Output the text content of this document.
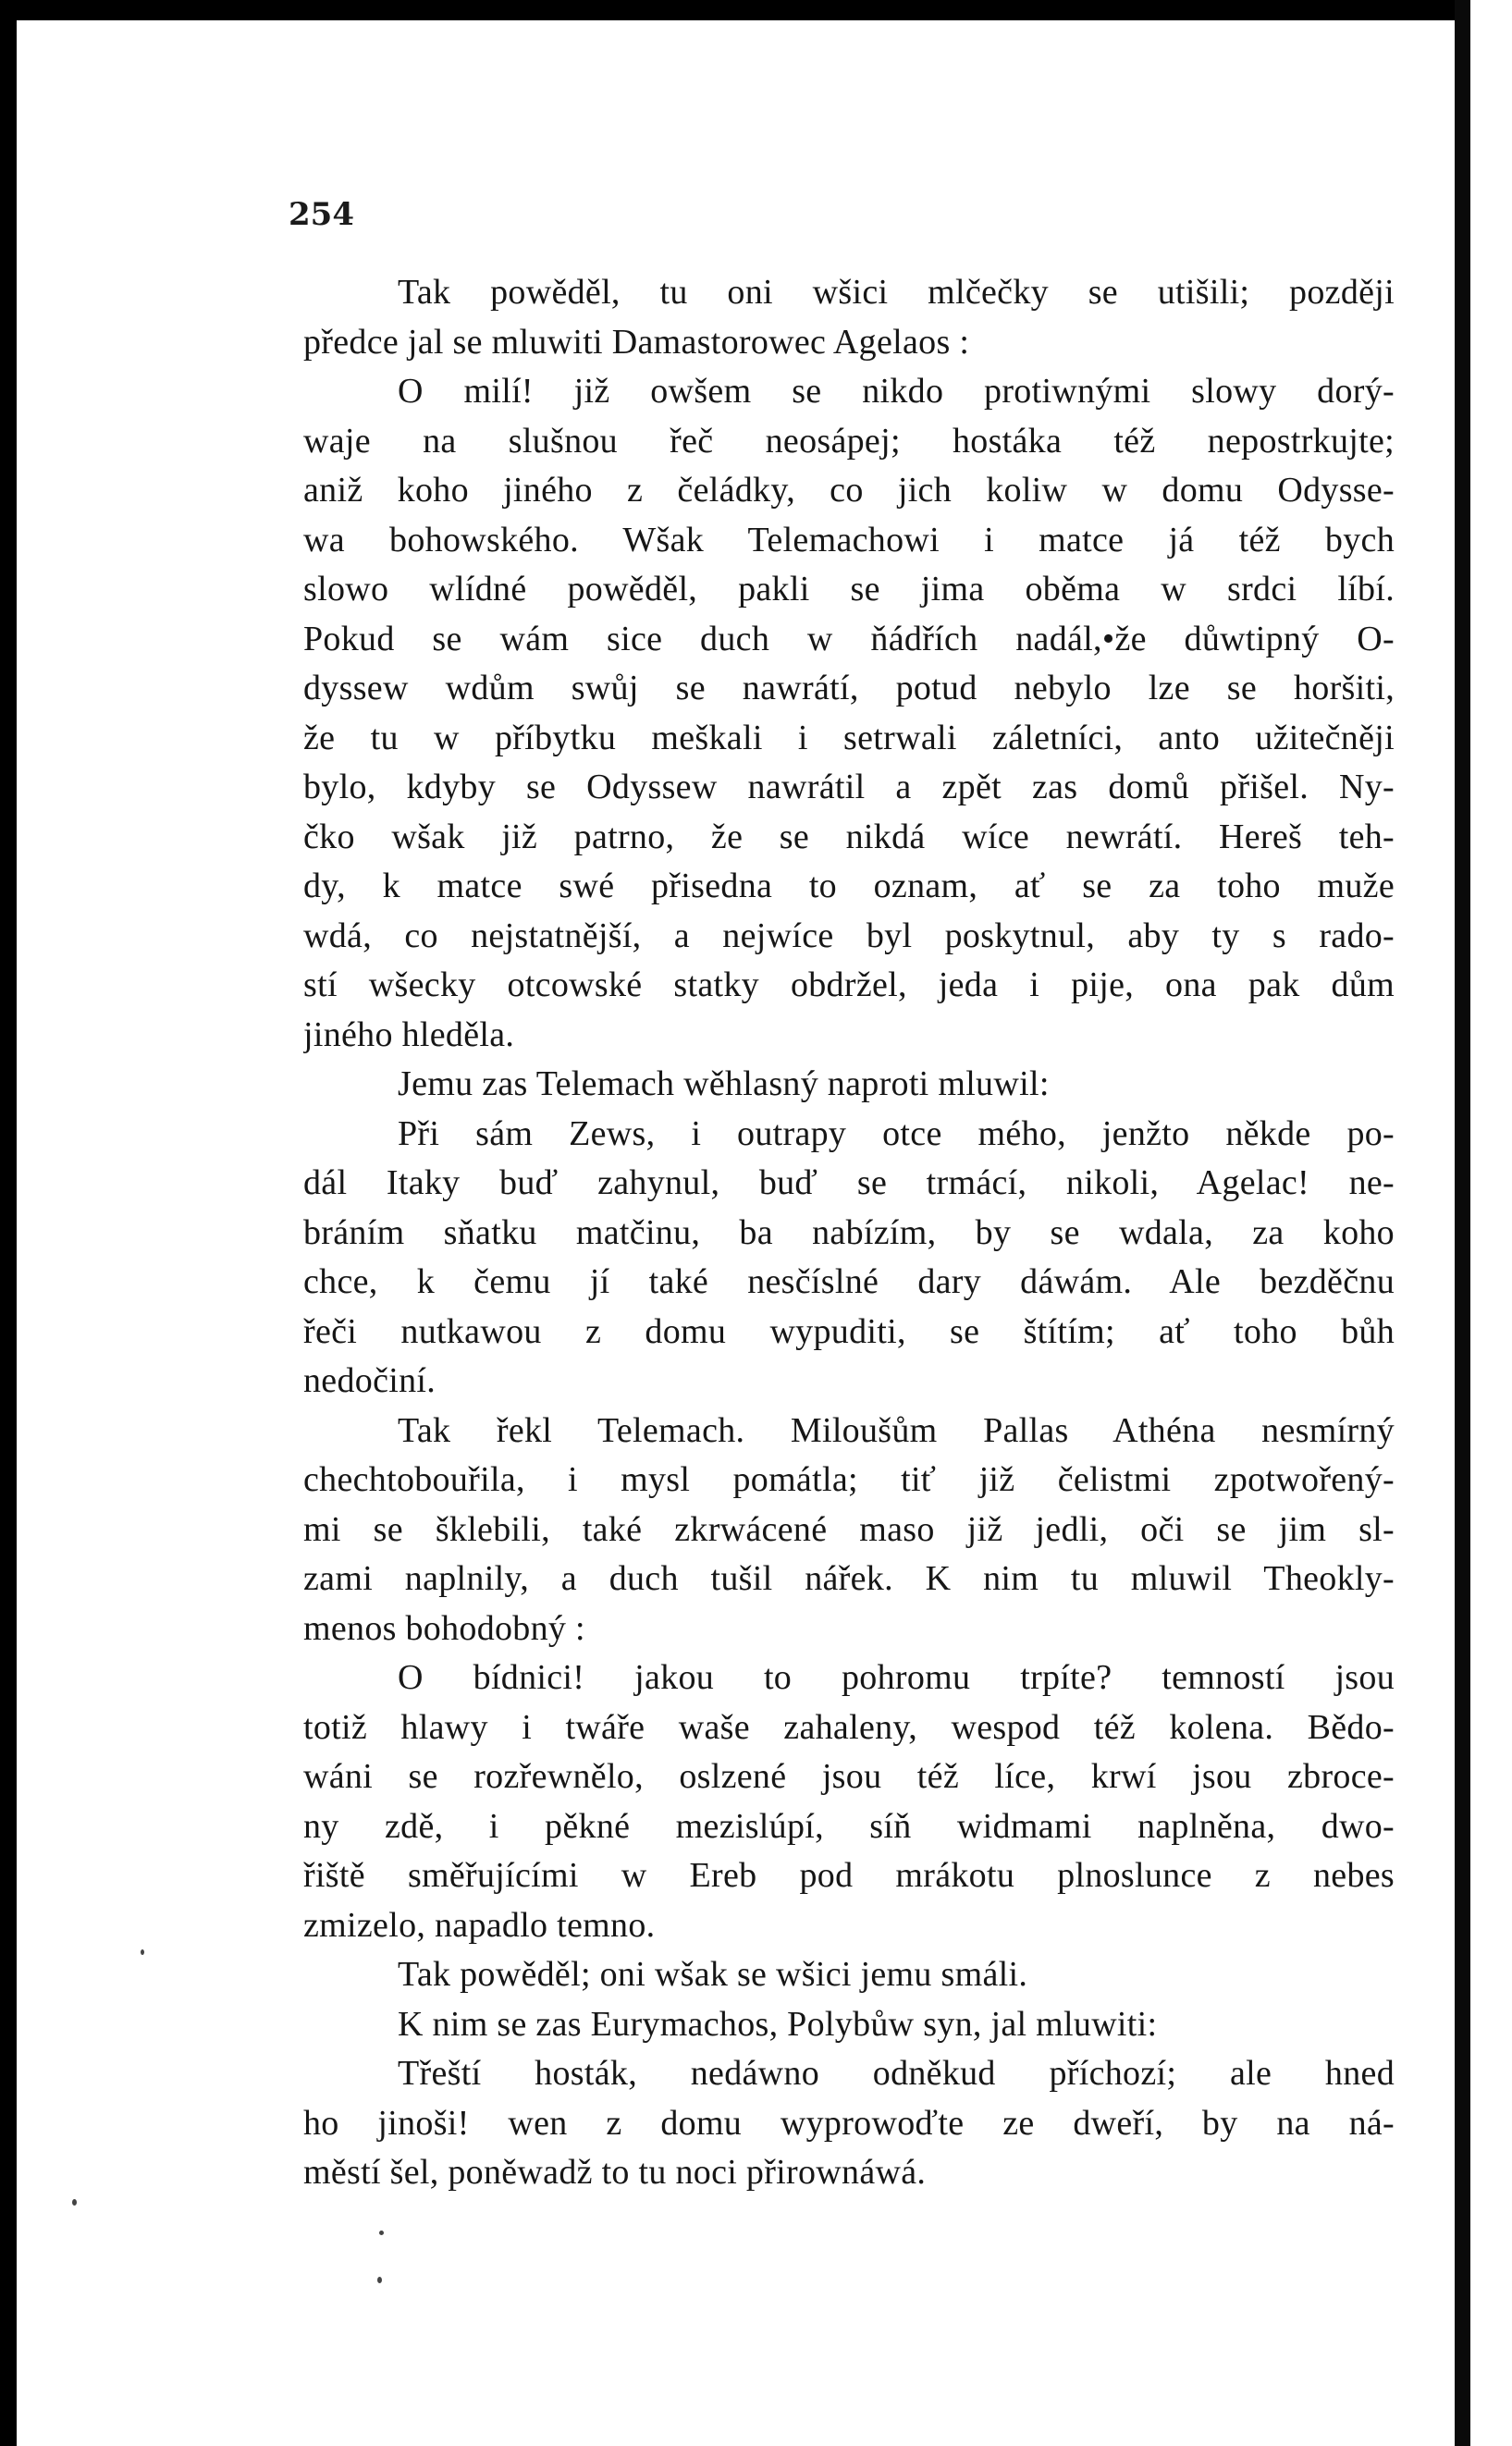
254
Tak powěděl, tu oni wšici mlčečky se utišili; později
předce jal se mluwiti Damastorowec Agelaos :
O milí! již owšem se nikdo protiwnými slowy dorý-
waje na slušnou řeč neosápej; hostáka též nepostrkujte;
aniž koho jiného z čeládky, co jich koliw w domu Odysse-
wa bohowského. Wšak Telemachowi i matce já též bych
slowo wlídné powěděl, pakli se jima oběma w srdci líbí.
Pokud se wám sice duch w ňádřích nadál,•že důwtipný O-
dyssew wdům swůj se nawrátí, potud nebylo lze se horšiti,
že tu w příbytku meškali i setrwali záletníci, anto užitečněji
bylo, kdyby se Odyssew nawrátil a zpět zas domů přišel. Ny-
čko wšak již patrno, že se nikdá wíce newrátí. Hereš teh-
dy, k matce swé přisedna to oznam, ať se za toho muže
wdá, co nejstatnější, a nejwíce byl poskytnul, aby ty s rado-
stí wšecky otcowské statky obdržel, jeda i pije, ona pak dům
jiného hleděla.
Jemu zas Telemach wěhlasný naproti mluwil:
Při sám Zews, i outrapy otce mého, jenžto někde po-
dál Itaky buď zahynul, buď se trmácí, nikoli, Agelac! ne-
bráním sňatku matčinu, ba nabízím, by se wdala, za koho
chce, k čemu jí také nesčíslné dary dáwám. Ale bezděčnu
řeči nutkawou z domu wypuditi, se štítím; ať toho bůh
nedočiní.
Tak řekl Telemach. Miloušům Pallas Athéna nesmírný
chechtobouřila, i mysl pomátla; tiť již čelistmi zpotwořený-
mi se šklebili, také zkrwácené maso již jedli, oči se jim sl-
zami naplnily, a duch tušil nářek. K nim tu mluwil Theokly-
menos bohodobný :
O bídnici! jakou to pohromu trpíte? temností jsou
totiž hlawy i twáře waše zahaleny, wespod též kolena. Bědo-
wáni se rozřewnělo, oslzené jsou též líce, krwí jsou zbroce-
ny zdě, i pěkné mezislúpí, síň widmami naplněna, dwo-
řiště směřujícími w Ereb pod mrákotu plnoslunce z nebes
zmizelo, napadlo temno.
Tak powěděl; oni wšak se wšici jemu smáli.
K nim se zas Eurymachos, Polybůw syn, jal mluwiti:
Třeští hosták, nedáwno odněkud příchozí; ale hned
ho jinoši! wen z domu wyprowoďte ze dweří, by na ná-
městí šel, poněwadž to tu noci přirownáwá.
